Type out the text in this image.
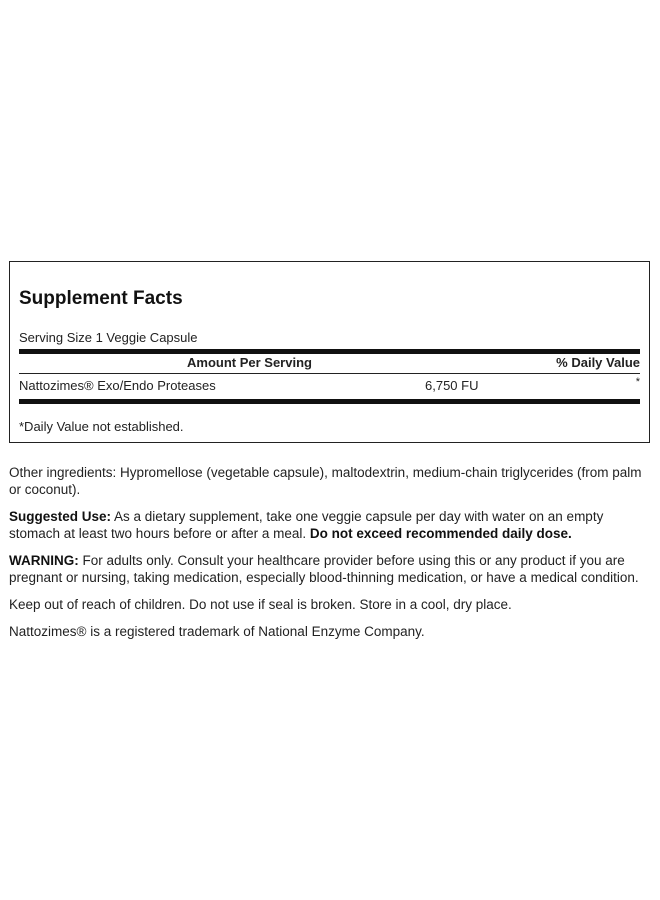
Supplement Facts
Serving Size 1 Veggie Capsule
Amount Per Serving	% Daily Value
Nattozimes® Exo/Endo Proteases	6,750 FU	*
*Daily Value not established.

Other ingredients: Hypromellose (vegetable capsule), maltodextrin, medium-chain triglycerides (from palm or coconut).

Suggested Use: As a dietary supplement, take one veggie capsule per day with water on an empty stomach at least two hours before or after a meal. Do not exceed recommended daily dose.

WARNING: For adults only. Consult your healthcare provider before using this or any product if you are pregnant or nursing, taking medication, especially blood-thinning medication, or have a medical condition.

Keep out of reach of children. Do not use if seal is broken. Store in a cool, dry place.

Nattozimes® is a registered trademark of National Enzyme Company.
